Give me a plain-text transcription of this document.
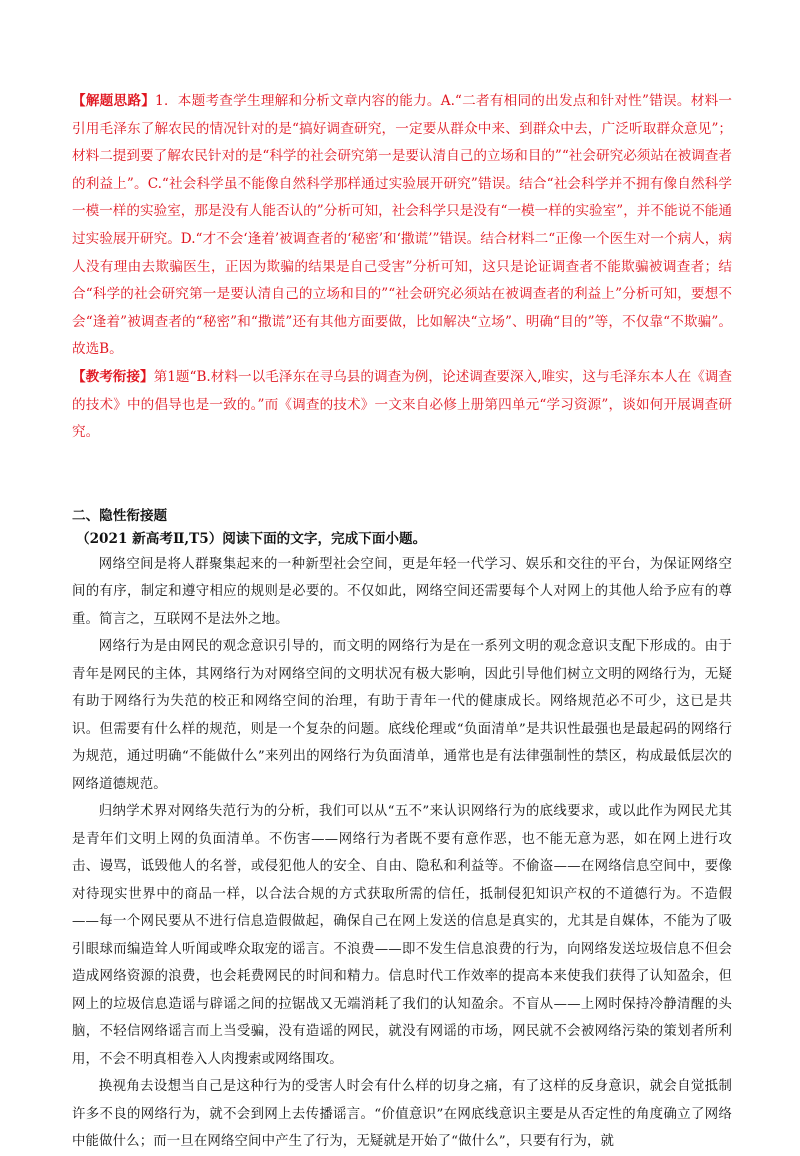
【解题思路】1．本题考查学生理解和分析文章内容的能力。A.“二者有相同的出发点和针对性”错误。材料一引用毛泽东了解农民的情况针对的是“搞好调查研究，一定要从群众中来、到群众中去，广泛听取群众意见”；材料二提到要了解农民针对的是“科学的社会研究第一是要认清自己的立场和目的”“社会研究必须站在被调查者的利益上”。C.“社会科学虽不能像自然科学那样通过实验展开研究”错误。结合“社会科学并不拥有像自然科学一模一样的实验室，那是没有人能否认的”分析可知，社会科学只是没有“一模一样的实验室”，并不能说不能通过实验展开研究。D.“才不会‘逢着’被调查者的‘秘密’和‘撒谎’”错误。结合材料二“正像一个医生对一个病人，病人没有理由去欺骗医生，正因为欺骗的结果是自己受害”分析可知，这只是论证调查者不能欺骗被调查者；结合“科学的社会研究第一是要认清自己的立场和目的”“社会研究必须站在被调查者的利益上”分析可知，要想不会“逢着”被调查者的“秘密”和“撒谎”还有其他方面要做，比如解决“立场”、明确“目的”等，不仅靠“不欺骗”。故选B。

【教考衔接】第1题“B.材料一以毛泽东在寻乌县的调查为例，论述调查要深入,唯实，这与毛泽东本人在《调查的技术》中的倡导也是一致的。”而《调查的技术》一文来自必修上册第四单元“学习资源”，谈如何开展调查研究。

二、隐性衔接题
（2021 新高考Ⅱ,T5）阅读下面的文字，完成下面小题。

网络空间是将人群聚集起来的一种新型社会空间，更是年轻一代学习、娱乐和交往的平台，为保证网络空间的有序，制定和遵守相应的规则是必要的。不仅如此，网络空间还需要每个人对网上的其他人给予应有的尊重。简言之，互联网不是法外之地。

网络行为是由网民的观念意识引导的，而文明的网络行为是在一系列文明的观念意识支配下形成的。由于青年是网民的主体，其网络行为对网络空间的文明状况有极大影响，因此引导他们树立文明的网络行为，无疑有助于网络行为失范的校正和网络空间的治理，有助于青年一代的健康成长。网络规范必不可少，这已是共识。但需要有什么样的规范，则是一个复杂的问题。底线伦理或“负面清单”是共识性最强也是最起码的网络行为规范，通过明确“不能做什么”来列出的网络行为负面清单，通常也是有法律强制性的禁区，构成最低层次的网络道德规范。

归纳学术界对网络失范行为的分析，我们可以从“五不”来认识网络行为的底线要求，或以此作为网民尤其是青年们文明上网的负面清单。不伤害——网络行为者既不要有意作恶，也不能无意为恶，如在网上进行攻击、谩骂，诋毁他人的名誉，或侵犯他人的安全、自由、隐私和利益等。不偷盗——在网络信息空间中，要像对待现实世界中的商品一样，以合法合规的方式获取所需的信任，抵制侵犯知识产权的不道德行为。不造假——每一个网民要从不进行信息造假做起，确保自己在网上发送的信息是真实的，尤其是自媒体，不能为了吸引眼球而编造耸人听闻或哗众取宠的谣言。不浪费——即不发生信息浪费的行为，向网络发送垃圾信息不但会造成网络资源的浪费，也会耗费网民的时间和精力。信息时代工作效率的提高本来使我们获得了认知盈余，但网上的垃圾信息造谣与辟谣之间的拉锯战又无端消耗了我们的认知盈余。不盲从——上网时保持冷静清醒的头脑，不轻信网络谣言而上当受骗，没有造谣的网民，就没有网谣的市场，网民就不会被网络污染的策划者所利用，不会不明真相卷入人肉搜索或网络围攻。

换视角去设想当自己是这种行为的受害人时会有什么样的切身之痛，有了这样的反身意识，就会自觉抵制许多不良的网络行为，就不会到网上去传播谣言。“价值意识”在网底线意识主要是从否定性的角度确立了网络中能做什么；而一旦在网络空间中产生了行为，无疑就是开始了“做什么”，只要有行为，就
